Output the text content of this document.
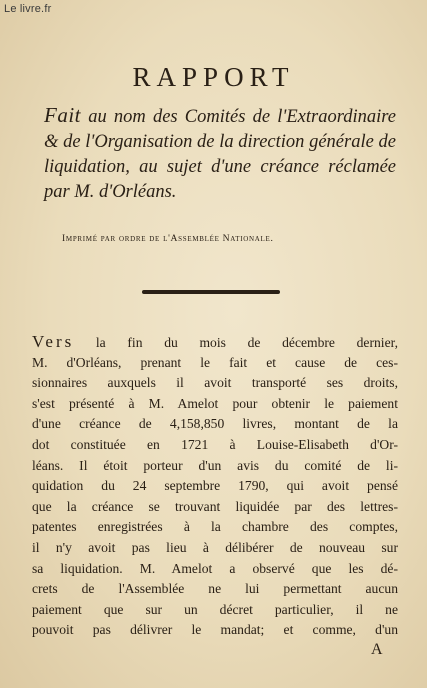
Le livre.fr
RAPPORT
Fait au nom des Comités de l'Extraordinaire & de l'Organisation de la direction générale de liquidation, au sujet d'une créance réclamée par M. d'Orléans.
Imprimé par ordre de l'Assemblée Nationale.
Vers la fin du mois de décembre dernier,
M. d'Orléans, prenant le fait et cause de ces-
sionnaires auxquels il avoit transporté ses droits,
s'est présenté à M. Amelot pour obtenir le paiement
d'une créance de 4,158,850 livres, montant de la
dot constituée en 1721 à Louise-Elisabeth d'Or-
léans. Il étoit porteur d'un avis du comité de li-
quidation du 24 septembre 1790, qui avoit pensé
que la créance se trouvant liquidée par des lettres-
patentes enregistrées à la chambre des comptes,
il n'y avoit pas lieu à délibérer de nouveau sur
sa liquidation. M. Amelot a observé que les dé-
crets de l'Assemblée ne lui permettant aucun
paiement que sur un décret particulier, il ne
pouvoit pas délivrer le mandat; et comme, d'un
A
